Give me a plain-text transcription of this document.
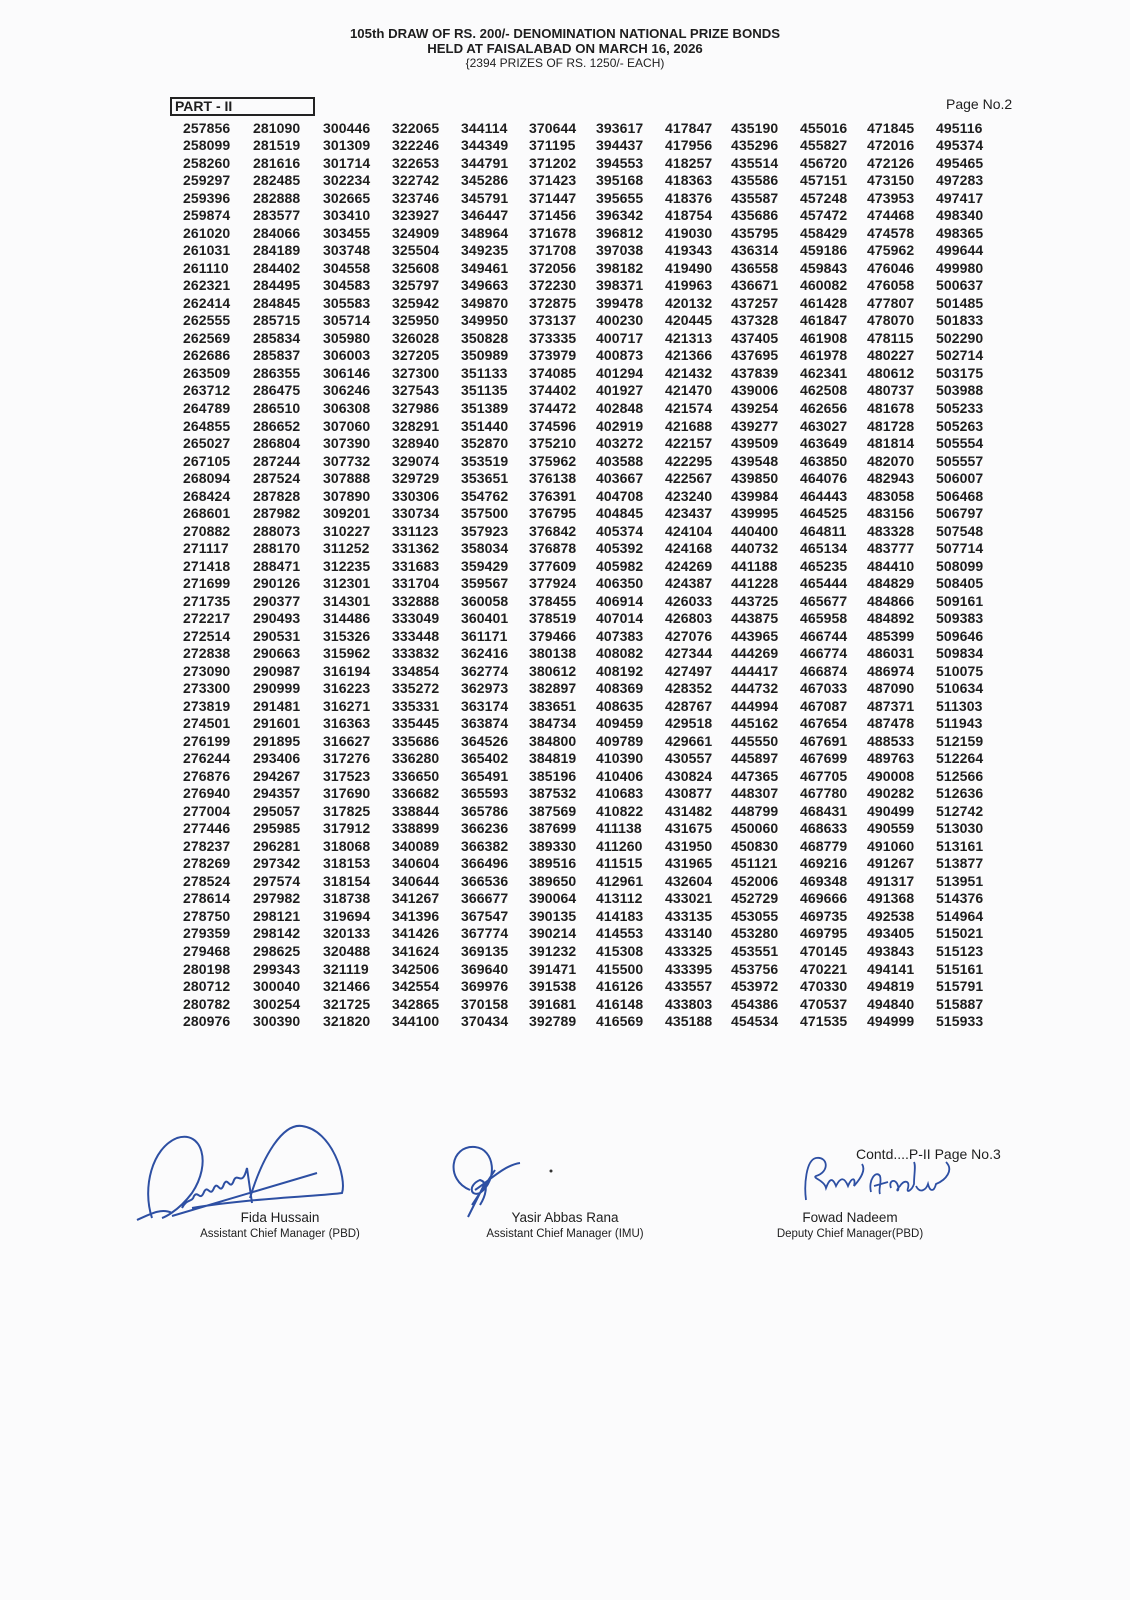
105th DRAW OF RS. 200/- DENOMINATION NATIONAL PRIZE BONDS
HELD AT FAISALABAD ON MARCH 16, 2026
{2394 PRIZES OF RS. 1250/- EACH)
PART - II	Page No.2
257856	281090	300446	322065	344114	370644	393617	417847	435190	455016	471845	495116
258099	281519	301309	322246	344349	371195	394437	417956	435296	455827	472016	495374
258260	281616	301714	322653	344791	371202	394553	418257	435514	456720	472126	495465
259297	282485	302234	322742	345286	371423	395168	418363	435586	457151	473150	497283
259396	282888	302665	323746	345791	371447	395655	418376	435587	457248	473953	497417
259874	283577	303410	323927	346447	371456	396342	418754	435686	457472	474468	498340
261020	284066	303455	324909	348964	371678	396812	419030	435795	458429	474578	498365
261031	284189	303748	325504	349235	371708	397038	419343	436314	459186	475962	499644
261110	284402	304558	325608	349461	372056	398182	419490	436558	459843	476046	499980
262321	284495	304583	325797	349663	372230	398371	419963	436671	460082	476058	500637
262414	284845	305583	325942	349870	372875	399478	420132	437257	461428	477807	501485
262555	285715	305714	325950	349950	373137	400230	420445	437328	461847	478070	501833
262569	285834	305980	326028	350828	373335	400717	421313	437405	461908	478115	502290
262686	285837	306003	327205	350989	373979	400873	421366	437695	461978	480227	502714
263509	286355	306146	327300	351133	374085	401294	421432	437839	462341	480612	503175
263712	286475	306246	327543	351135	374402	401927	421470	439006	462508	480737	503988
264789	286510	306308	327986	351389	374472	402848	421574	439254	462656	481678	505233
264855	286652	307060	328291	351440	374596	402919	421688	439277	463027	481728	505263
265027	286804	307390	328940	352870	375210	403272	422157	439509	463649	481814	505554
267105	287244	307732	329074	353519	375962	403588	422295	439548	463850	482070	505557
268094	287524	307888	329729	353651	376138	403667	422567	439850	464076	482943	506007
268424	287828	307890	330306	354762	376391	404708	423240	439984	464443	483058	506468
268601	287982	309201	330734	357500	376795	404845	423437	439995	464525	483156	506797
270882	288073	310227	331123	357923	376842	405374	424104	440400	464811	483328	507548
271117	288170	311252	331362	358034	376878	405392	424168	440732	465134	483777	507714
271418	288471	312235	331683	359429	377609	405982	424269	441188	465235	484410	508099
271699	290126	312301	331704	359567	377924	406350	424387	441228	465444	484829	508405
271735	290377	314301	332888	360058	378455	406914	426033	443725	465677	484866	509161
272217	290493	314486	333049	360401	378519	407014	426803	443875	465958	484892	509383
272514	290531	315326	333448	361171	379466	407383	427076	443965	466744	485399	509646
272838	290663	315962	333832	362416	380138	408082	427344	444269	466774	486031	509834
273090	290987	316194	334854	362774	380612	408192	427497	444417	466874	486974	510075
273300	290999	316223	335272	362973	382897	408369	428352	444732	467033	487090	510634
273819	291481	316271	335331	363174	383651	408635	428767	444994	467087	487371	511303
274501	291601	316363	335445	363874	384734	409459	429518	445162	467654	487478	511943
276199	291895	316627	335686	364526	384800	409789	429661	445550	467691	488533	512159
276244	293406	317276	336280	365402	384819	410390	430557	445897	467699	489763	512264
276876	294267	317523	336650	365491	385196	410406	430824	447365	467705	490008	512566
276940	294357	317690	336682	365593	387532	410683	430877	448307	467780	490282	512636
277004	295057	317825	338844	365786	387569	410822	431482	448799	468431	490499	512742
277446	295985	317912	338899	366236	387699	411138	431675	450060	468633	490559	513030
278237	296281	318068	340089	366382	389330	411260	431950	450830	468779	491060	513161
278269	297342	318153	340604	366496	389516	411515	431965	451121	469216	491267	513877
278524	297574	318154	340644	366536	389650	412961	432604	452006	469348	491317	513951
278614	297982	318738	341267	366677	390064	413112	433021	452729	469666	491368	514376
278750	298121	319694	341396	367547	390135	414183	433135	453055	469735	492538	514964
279359	298142	320133	341426	367774	390214	414553	433140	453280	469795	493405	515021
279468	298625	320488	341624	369135	391232	415308	433325	453551	470145	493843	515123
280198	299343	321119	342506	369640	391471	415500	433395	453756	470221	494141	515161
280712	300040	321466	342554	369976	391538	416126	433557	453972	470330	494819	515791
280782	300254	321725	342865	370158	391681	416148	433803	454386	470537	494840	515887
280976	300390	321820	344100	370434	392789	416569	435188	454534	471535	494999	515933
Contd....P-II Page No.3
Fida Hussain
Assistant Chief Manager (PBD)
Yasir Abbas Rana
Assistant Chief Manager (IMU)
Fowad Nadeem
Deputy Chief Manager(PBD)
